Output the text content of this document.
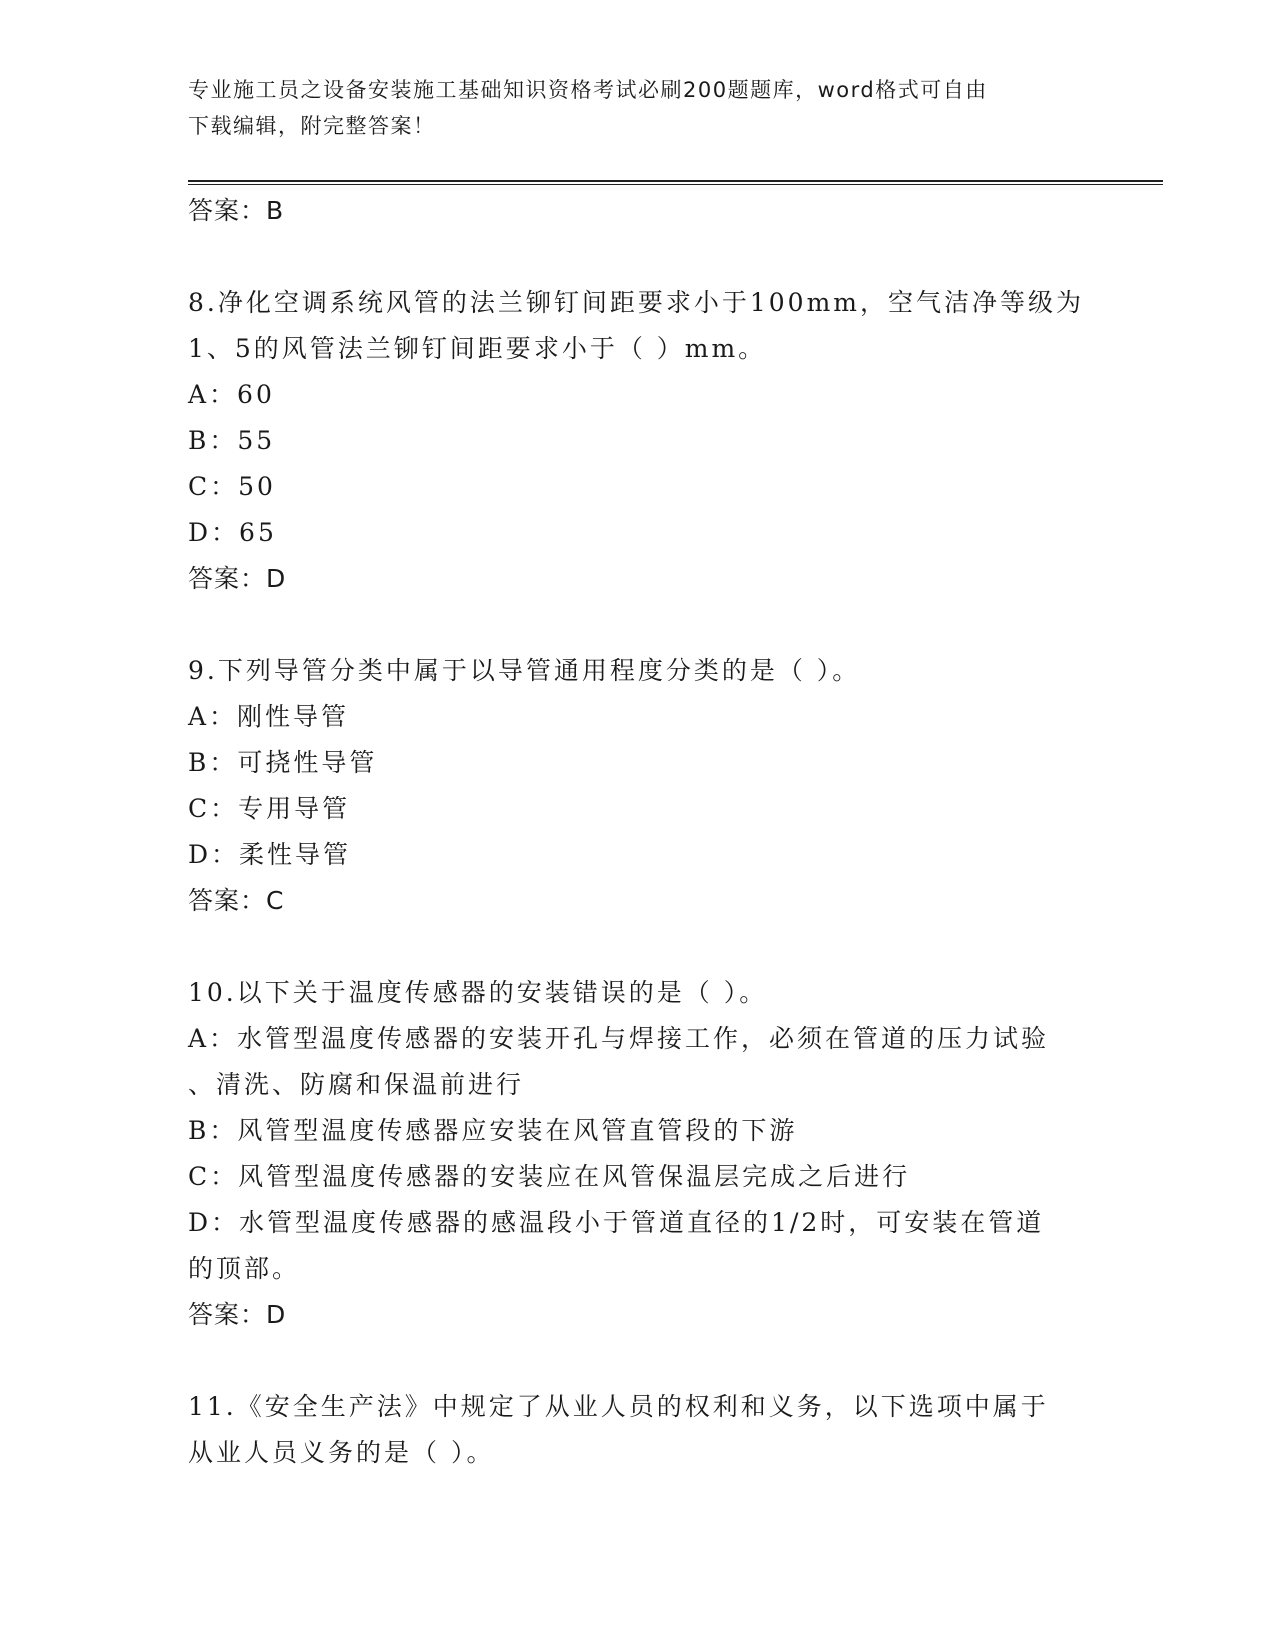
专业施工员之设备安装施工基础知识资格考试必刷200题题库，word格式可自由
下载编辑，附完整答案！
答案：B
8.净化空调系统风管的法兰铆钉间距要求小于100mm，空气洁净等级为
1、5的风管法兰铆钉间距要求小于（ ）mm。
A：60
B：55
C：50
D：65
答案：D
9.下列导管分类中属于以导管通用程度分类的是（ ）。
A：刚性导管
B：可挠性导管
C：专用导管
D：柔性导管
答案：C
10.以下关于温度传感器的安装错误的是（ ）。
A：水管型温度传感器的安装开孔与焊接工作，必须在管道的压力试验
、清洗、防腐和保温前进行
B：风管型温度传感器应安装在风管直管段的下游
C：风管型温度传感器的安装应在风管保温层完成之后进行
D：水管型温度传感器的感温段小于管道直径的1/2时，可安装在管道
的顶部。
答案：D
11.《安全生产法》中规定了从业人员的权利和义务，以下选项中属于
从业人员义务的是（ ）。
